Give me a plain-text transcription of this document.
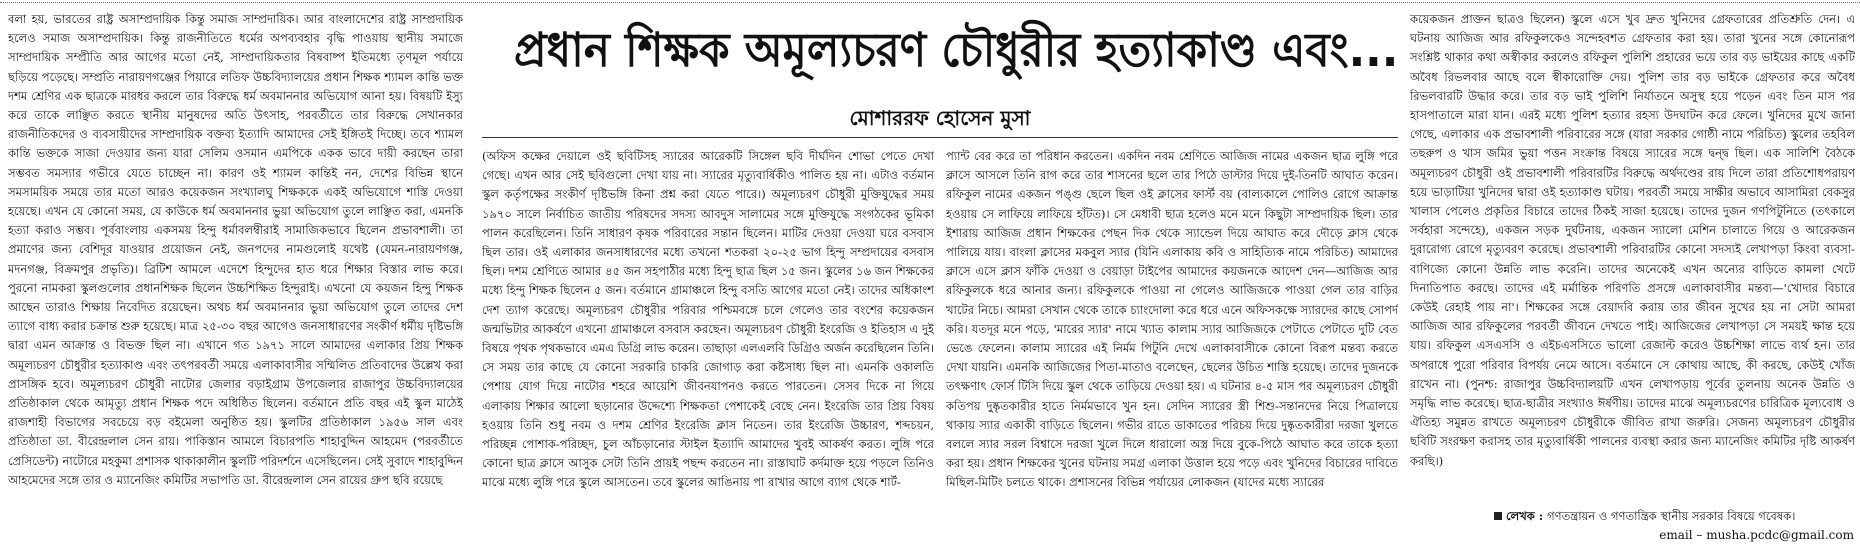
বলা হয়, ভারতের রাষ্ট্র অসাম্প্রদায়িক কিন্তু সমাজ সাম্প্রদায়িক। আর বাংলাদেশের রাষ্ট্র সাম্প্রদায়িক হলেও সমাজ অসাম্প্রদায়িক। কিন্তু রাজনীতিতে ধর্মের অপব্যবহার বৃদ্ধি পাওয়ায় স্থানীয় সমাজে সাম্প্রদায়িক সম্প্রীতি আর আগের মতো নেই, সাম্প্রদায়িকতার বিষবাষ্প ইতিমধ্যে তৃণমূল পর্যায়ে ছড়িয়ে পড়েছে। সম্প্রতি নারায়ণগঞ্জের পিয়ারে লতিফ উচ্চবিদ্যালয়ের প্রধান শিক্ষক শ্যামল কান্তি ভক্ত দশম শ্রেণির এক ছাত্রকে মারধর করলে তার বিরুদ্ধে ধর্ম অবমাননার অভিযোগ আনা হয়। বিষয়টি ইস্যু করে তাকে লাঞ্ছিত করতে স্থানীয় মানুষদের অতি উৎসাহ, পরবর্তীতে তার বিরুদ্ধে সেখানকার রাজনীতিকদের ও ব্যবসায়ীদের সাম্প্রদায়িক বক্তব্য ইত্যাদি আমাদের সেই ইঙ্গিতই দিচ্ছে। তবে শ্যামল কান্তি ভক্তকে সাজা দেওয়ার জন্য যারা সেলিম ওসমান এমপিকে একক ভাবে দায়ী করছেন তারা সম্ভবত সমস্যার গভীরে যেতে চাচ্ছেন না। কারণ ওই শ্যামল কান্তিই নন, দেশের বিভিন্ন স্থানে সমসাময়িক সময়ে তার মতো আরও কয়েকজন সংখ্যালঘু শিক্ষককে একই অভিযোগে শাস্তি দেওয়া হয়েছে। এখন যে কোনো সময়, যে কাউকে ধর্ম অবমাননার ভুয়া অভিযোগ তুলে লাঞ্ছিত করা, এমনকি হত্যা করাও সম্ভব। পূর্ববাংলায় একসময় হিন্দু ধর্মাবলম্বীরাই সামাজিকভাবে ছিলেন প্রভাবশালী। তা প্রমাণের জন্য বেশিদূর যাওয়ার প্রয়োজন নেই, জনপদের নামগুলোই যথেষ্ট (যেমন-নারায়ণগঞ্জ, মদনগঞ্জ, বিক্রমপুর প্রভৃতি)। ব্রিটিশ আমলে এদেশে হিন্দুদের হাত ধরে শিক্ষার বিস্তার লাভ করে। পুরনো নামকরা স্কুলগুলোর প্রধানশিক্ষক ছিলেন উচ্চশিক্ষিত হিন্দুরাই। এখনো যে কয়জন হিন্দু শিক্ষক আছেন তারাও শিক্ষায় নিবেদিত রয়েছেন। অথচ ধর্ম অবমাননার ভুয়া অভিযোগ তুলে তাদের দেশ ত্যাগে বাধ্য করার চক্রান্ত শুরু হয়েছে। মাত্র ২৫-৩০ বছর আগেও জনসাধারণের সংকীর্ণ ধর্মীয় দৃষ্টিভঙ্গি দ্বারা এমন আক্রান্ত ও বিভক্ত ছিল না। এখানে গত ১৯৭১ সালে আমাদের এলাকার প্রিয় শিক্ষক অমূল্যচরণ চৌধুরীর হত্যাকাণ্ড এবং তৎপরবর্তী সময়ে এলাকাবাসীর সম্মিলিত প্রতিবাদের উল্লেখ করা প্রাসঙ্গিক হবে। অমূল্যচরণ চৌধুরী নাটোর জেলার বড়াইগ্রাম উপজেলার রাজাপুর উচ্চবিদ্যালয়ের প্রতিষ্ঠাকাল থেকে আমৃত্যু প্রধান শিক্ষক পদে অধিষ্ঠিত ছিলেন। বর্তমানে প্রতি বছর এই স্কুল মাঠেই রাজশাহী বিভাগের সবচেয়ে বড় বইমেলা অনুষ্ঠিত হয়। স্কুলটির প্রতিষ্ঠাকাল ১৯৫৬ সাল এবং প্রতিষ্ঠাতা ডা. বীরেন্দ্রলাল সেন রায়। পাকিস্তান আমলে বিচারপতি শাহাবুদ্দিন আহমেদ (পরবর্তীতে প্রেসিডেন্ট) নাটোরে মহকুমা প্রশাসক থাকাকালীন স্কুলটি পরিদর্শনে এসেছিলেন। সেই সুবাদে শাহাবুদ্দিন আহমেদের সঙ্গে তার ও ম্যানেজিং কমিটির সভাপতি ডা. বীরেন্দ্রলাল সেন রায়ের গ্রুপ ছবি রয়েছে

প্রধান শিক্ষক অমূল্যচরণ চৌধুরীর হত্যাকাণ্ড এবং...
মোশাররফ হোসেন মুসা

(অফিস কক্ষের দেয়ালে ওই ছবিটিসহ স্যারের আরেকটি সিঙ্গেল ছবি দীর্ঘদিন শোভা পেতে দেখা গেছে। এখন আর সেই ছবিগুলো দেখা যায় না। স্যারের মৃত্যুবার্ষিকীও পালিত হয় না। এটাও বর্তমান স্কুল কর্তৃপক্ষের সংকীর্ণ দৃষ্টিভঙ্গি কিনা প্রশ্ন করা যেতে পারে।) অমূল্যচরণ চৌধুরী মুক্তিযুদ্ধের সময় ১৯৭০ সালে নির্বাচিত জাতীয় পরিষদের সদস্য আবদুস সালামের সঙ্গে মুক্তিযুদ্ধে সংগঠকের ভূমিকা পালন করেছিলেন। তিনি সাধারণ কৃষক পরিবারের সন্তান ছিলেন। মাটির দেওয়া দেওয়া ঘরে বসবাস ছিল তার। ওই এলাকার জনসাধারণের মধ্যে তখনো শতকরা ২০-২৫ ভাগ হিন্দু সম্প্রদায়ের বসবাস ছিল। দশম শ্রেণিতে আমার ৪৫ জন সহপাঠীর মধ্যে হিন্দু ছাত্র ছিল ১৫ জন। স্কুলের ১৬ জন শিক্ষকের মধ্যে হিন্দু শিক্ষক ছিলেন ৫ জন। বর্তমানে গ্রামাঞ্চলে হিন্দু বসতি আগের মতো নেই। তাদের অধিকাংশ দেশ ত্যাগ করেছে। অমূল্যচরণ চৌধুরীর পরিবার পশ্চিমবঙ্গে চলে গেলেও তার বংশের কয়েকজন জন্মভিটার আকর্ষণে এখনো গ্রামাঞ্চলে বসবাস করছেন। অমূল্যচরণ চৌধুরী ইংরেজি ও ইতিহাস এ দুই বিষয়ে পৃথক পৃথকভাবে এমএ ডিগ্রি লাভ করেন। তাছাড়া এলএলবি ডিগ্রিও অর্জন করেছিলেন তিনি। সে সময় তার কাছে যে কোনো সরকারি চাকরি জোগাড় করা কষ্টসাধ্য ছিল না। এমনকি ওকালতি পেশায় যোগ দিয়ে নাটোর শহরে আয়েশি জীবনযাপনও করতে পারতেন। সেসব দিকে না গিয়ে এলাকায় শিক্ষার আলো ছড়ানোর উদ্দেশ্যে শিক্ষকতা পেশাকেই বেছে নেন। ইংরেজি তার প্রিয় বিষয় হওয়ায় তিনি শুধু নবম ও দশম শ্রেণির ইংরেজি ক্লাস নিতেন। তার ইংরেজি উচ্চারণ, শব্দচয়ন, পরিচ্ছন্ন পোশাক-পরিচ্ছদ, চুল আঁচড়ানোর স্টাইল ইত্যাদি আমাদের খুবই আকর্ষণ করত। লুঙ্গি পরে কোনো ছাত্র ক্লাসে আসুক সেটা তিনি প্রায়ই পছন্দ করতেন না। রাস্তাঘাট কর্দমাক্ত হয়ে পড়লে তিনিও মাঝে মধ্যে লুঙ্গি পরে স্কুলে আসতেন। তবে স্কুলের আঙিনায় পা রাখার আগে ব্যাগ থেকে শার্ট-

প্যান্ট বের করে তা পরিধান করতেন। একদিন নবম শ্রেণিতে আজিজ নামের একজন ছাত্র লুঙ্গি পরে ক্লাসে আসলে তিনি রাগ করে তার শাসনের ছলে তার পিঠে ডাস্টার দিয়ে দুই-তিনটি আঘাত করেন। রফিকুল নামের একজন পঙ্গু ছেলে ছিল ওই ক্লাসের ফার্স্ট বয় (বাল্যকালে পোলিও রোগে আক্রান্ত হওয়ায় সে লাফিয়ে লাফিয়ে হাঁটত)। সে মেধাবী ছাত্র হলেও মনে মনে কিছুটা সাম্প্রদায়িক ছিল। তার ইশারায় আজিজ প্রধান শিক্ষকের পেছন দিক থেকে স্যান্ডেল দিয়ে আঘাত করে দৌড়ে ক্লাস থেকে পালিয়ে যায়। বাংলা ক্লাসের মকবুল স্যার (যিনি এলাকায় কবি ও সাহিত্যিক নামে পরিচিত) আমাদের ক্লাসে এসে ক্লাস ফাঁকি দেওয়া ও বেয়াড়া টাইপের আমাদের কয়জনকে আদেশ দেন—আজিজ আর রফিকুলকে ধরে আনার জন্য। রফিকুলকে পাওয়া না গেলেও আজিজকে পাওয়া গেল তার বাড়ির খাটের নিচে। আমরা সেখান থেকে তাকে চ্যাংদোলা করে ধরে এনে অফিসকক্ষে স্যারদের কাছে সোপর্দ করি। যতদূর মনে পড়ে, 'মারের স্যার' নামে খ্যাত কালাম স্যার আজিজকে পেটাতে পেটাতে দুটি বেত ভেঙে ফেলেন। কালাম স্যারের এই নির্মম পিটুনি দেখে এলাকাবাসীকে কোনো বিরূপ মন্তব্য করতে দেখা যায়নি। এমনকি আজিজের পিতা-মাতাও বলেছেন, ছেলের উচিত শাস্তি হয়েছে। তাদের দুজনকে তৎক্ষণাৎ ফোর্স টিসি দিয়ে স্কুল থেকে তাড়িয়ে দেওয়া হয়। এ ঘটনার ৪-৫ মাস পর অমূল্যচরণ চৌধুরী কতিপয় দুষ্কৃতকারীর হাতে নির্মমভাবে খুন হন। সেদিন স্যারের স্ত্রী শিশু-সন্তানদের নিয়ে পিত্রালয়ে থাকায় স্যার একাকী বাড়িতে ছিলেন। গভীর রাতে ডাকাতের পরিচয় দিয়ে দুষ্কৃতকারীরা দরজা খুলতে বললে স্যার সরল বিশ্বাসে দরজা খুলে দিলে ধারালো অস্ত্র দিয়ে বুকে-পিঠে আঘাত করে তাকে হত্যা করা হয়। প্রধান শিক্ষকের খুনের ঘটনায় সমগ্র এলাকা উত্তাল হয়ে পড়ে এবং খুনিদের বিচারের দাবিতে মিছিল-মিটিং চলতে থাকে। প্রশাসনের বিভিন্ন পর্যায়ের লোকজন (যাদের মধ্যে স্যারের

কয়েকজন প্রাক্তন ছাত্রও ছিলেন) স্কুলে এসে খুব দ্রুত খুনিদের গ্রেফতারের প্রতিশ্রুতি দেন। এ ঘটনায় আজিজ আর রফিকুলকেও সন্দেহবশত গ্রেফতার করা হয়। তারা খুনের সঙ্গে কোনোরূপ সংশ্লিষ্ট থাকার কথা অস্বীকার করলেও রফিকুল পুলিশি প্রহারের ভয়ে তার বড় ভাইয়ের কাছে একটি অবৈধ রিভলবার আছে বলে স্বীকারোক্তি দেয়। পুলিশ তার বড় ভাইকে গ্রেফতার করে অবৈধ রিভলবারটি উদ্ধার করে। তার বড় ভাই পুলিশি নির্যাতনে অসুস্থ হয়ে পড়েন এবং তিন মাস পর হাসপাতালে মারা যান। এরই মধ্যে পুলিশ হত্যার রহস্য উদঘাটন করে ফেলে। খুনিদের মুখে জানা গেছে, এলাকার এক প্রভাবশালী পরিবারের সঙ্গে (যারা সরকার গোষ্ঠী নামে পরিচিত) স্কুলের তহবিল তছরুপ ও খাস জমির ভুয়া পত্তন সংক্রান্ত বিষয়ে স্যারের সঙ্গে দ্বন্দ্ব ছিল। এক সালিশি বৈঠকে অমূল্যচরণ চৌধুরী ওই প্রভাবশালী পরিবারটির বিরুদ্ধে অর্থদণ্ডের রায় দিলে তারা প্রতিশোধপরায়ণ হয়ে ভাড়াটিয়া খুনিদের দ্বারা ওই হত্যাকাণ্ড ঘটায়। পরবর্তী সময়ে সাক্ষীর অভাবে আসামিরা বেকসুর খালাস পেলেও প্রকৃতির বিচারে তাদের ঠিকই সাজা হয়েছে। তাদের দুজন গণপিটুনিতে (তৎকালে সর্বহারা সন্দেহে), একজন সড়ক দুর্ঘটনায়, একজন স্যালো মেশিন চালাতে গিয়ে ও আরেকজন দুরারোগ্য রোগে মৃত্যুবরণ করেছে। প্রভাবশালী পরিবারটির কোনো সদস্যই লেখাপড়া কিংবা ব্যবসা-বাণিজ্যে কোনো উন্নতি লাভ করেনি। তাদের অনেকেই এখন অন্যের বাড়িতে কামলা খেটে দিনাতিপাত করছে। তাদের এই মর্মান্তিক পরিণতি প্রসঙ্গে এলাকাবাসীর মন্তব্য—'খোদার বিচারে কেউই রেহাই পায় না'। শিক্ষকের সঙ্গে বেয়াদবি করায় তার জীবন সুখের হয় না সেটা আমরা আজিজ আর রফিকুলের পরবর্তী জীবনে দেখতে পাই। আজিজের লেখাপড়া সে সময়ই ক্ষান্ত হয়ে যায়। রফিকুল এসএসসি ও এইচএসসিতে ভালো রেজাল্ট করেও উচ্চশিক্ষা লাভে ব্যর্থ হন। তার অপরাধে পুরো পরিবার বিপর্যয় নেমে আসে। বর্তমানে সে কোথায় আছে, কী করছে, কেউই খোঁজ রাখেন না। (পুনশ্চ: রাজাপুর উচ্চবিদ্যালয়টি এখন লেখাপড়ায় পূর্বের তুলনায় অনেক উন্নতি ও সমৃদ্ধি লাভ করেছে। ছাত্র-ছাত্রীর সংখ্যাও ঈর্ষণীয়। তাদের মাঝে অমূল্যচরণের চারিত্রিক মূল্যবোধ ও ঐতিহ্য সমুন্নত রাখতে অমূল্যচরণ চৌধুরীকে জীবিত রাখা জরুরি। সেজন্য অমূল্যচরণ চৌধুরীর ছবিটি সংরক্ষণ করাসহ তার মৃত্যুবার্ষিকী পালনের ব্যবস্থা করার জন্য ম্যানেজিং কমিটির দৃষ্টি আকর্ষণ করছি।)

লেখক : গণতন্ত্রায়ন ও গণতান্ত্রিক স্থানীয় সরকার বিষয়ে গবেষক।
email – musha.pcdc@gmail.com
